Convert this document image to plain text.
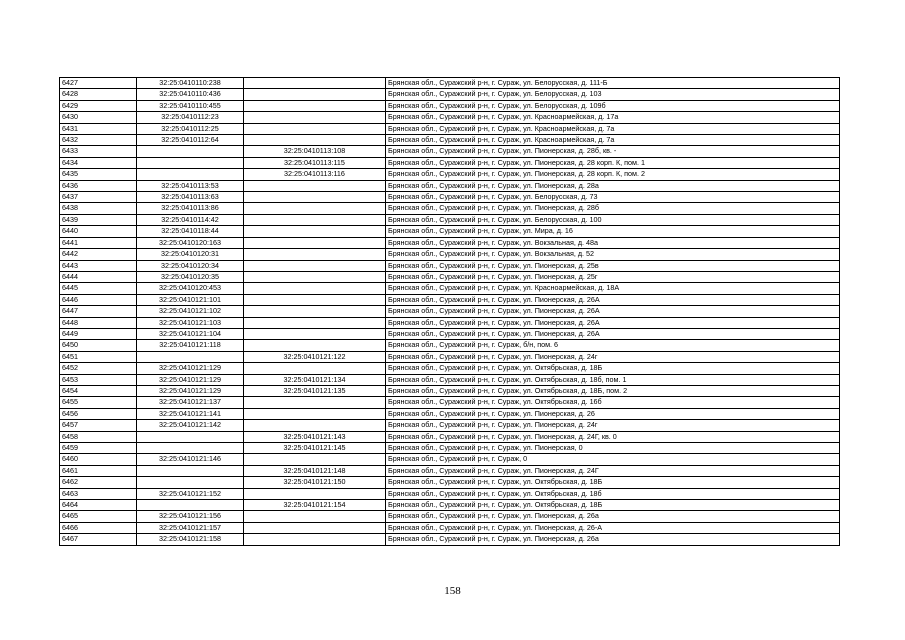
6427	32:25:0410110:238		Брянская обл., Суражский р-н, г. Сураж, ул. Белорусская, д. 111-Б
6428	32:25:0410110:436		Брянская обл., Суражский р-н, г. Сураж, ул. Белорусская, д. 103
6429	32:25:0410110:455		Брянская обл., Суражский р-н, г. Сураж, ул. Белорусская, д. 109б
6430	32:25:0410112:23		Брянская обл., Суражский р-н, г. Сураж, ул. Красноармейская, д. 17а
6431	32:25:0410112:25		Брянская обл., Суражский р-н, г. Сураж, ул. Красноармейская, д. 7а
6432	32:25:0410112:64		Брянская обл., Суражский р-н, г. Сураж, ул. Красноармейская, д. 7а
6433		32:25:0410113:108	Брянская обл., Суражский р-н, г. Сураж, ул. Пионерская, д. 28б, кв. -
6434		32:25:0410113:115	Брянская обл., Суражский р-н, г. Сураж, ул. Пионерская, д. 28 корп. К, пом. 1
6435		32:25:0410113:116	Брянская обл., Суражский р-н, г. Сураж, ул. Пионерская, д. 28 корп. К, пом. 2
6436	32:25:0410113:53		Брянская обл., Суражский р-н, г. Сураж, ул. Пионерская, д. 28а
6437	32:25:0410113:63		Брянская обл., Суражский р-н, г. Сураж, ул. Белорусская, д. 73
6438	32:25:0410113:86		Брянская обл., Суражский р-н, г. Сураж, ул. Пионерская, д. 28б
6439	32:25:0410114:42		Брянская обл., Суражский р-н, г. Сураж, ул. Белорусская, д. 100
6440	32:25:0410118:44		Брянская обл., Суражский р-н, г. Сураж, ул. Мира, д. 16
6441	32:25:0410120:163		Брянская обл., Суражский р-н, г. Сураж, ул. Вокзальная, д. 48а
6442	32:25:0410120:31		Брянская обл., Суражский р-н, г. Сураж, ул. Вокзальная, д. 52
6443	32:25:0410120:34		Брянская обл., Суражский р-н, г. Сураж, ул. Пионерская, д. 25в
6444	32:25:0410120:35		Брянская обл., Суражский р-н, г. Сураж, ул. Пионерская, д. 25г
6445	32:25:0410120:453		Брянская обл., Суражский р-н, г. Сураж, ул. Красноармейская, д. 18А
6446	32:25:0410121:101		Брянская обл., Суражский р-н, г. Сураж, ул. Пионерская, д. 26А
6447	32:25:0410121:102		Брянская обл., Суражский р-н, г. Сураж, ул. Пионерская, д. 26А
6448	32:25:0410121:103		Брянская обл., Суражский р-н, г. Сураж, ул. Пионерская, д. 26А
6449	32:25:0410121:104		Брянская обл., Суражский р-н, г. Сураж, ул. Пионерская, д. 26А
6450	32:25:0410121:118		Брянская обл., Суражский р-н, г. Сураж, б/н, пом. 6
6451		32:25:0410121:122	Брянская обл., Суражский р-н, г. Сураж, ул. Пионерская, д. 24г
6452	32:25:0410121:129		Брянская обл., Суражский р-н, г. Сураж, ул. Октябрьская, д. 18Б
6453	32:25:0410121:129	32:25:0410121:134	Брянская обл., Суражский р-н, г. Сураж, ул. Октябрьская, д. 18б, пом. 1
6454	32:25:0410121:129	32:25:0410121:135	Брянская обл., Суражский р-н, г. Сураж, ул. Октябрьская, д. 18Б, пом. 2
6455	32:25:0410121:137		Брянская обл., Суражский р-н, г. Сураж, ул. Октябрьская, д. 16б
6456	32:25:0410121:141		Брянская обл., Суражский р-н, г. Сураж, ул. Пионерская, д. 26
6457	32:25:0410121:142		Брянская обл., Суражский р-н, г. Сураж, ул. Пионерская, д. 24г
6458		32:25:0410121:143	Брянская обл., Суражский р-н, г. Сураж, ул. Пионерская, д. 24Г, кв. 0
6459		32:25:0410121:145	Брянская обл., Суражский р-н, г. Сураж, ул. Пионерская, 0
6460	32:25:0410121:146		Брянская обл., Суражский р-н, г. Сураж, 0
6461		32:25:0410121:148	Брянская обл., Суражский р-н, г. Сураж, ул. Пионерская, д. 24Г
6462		32:25:0410121:150	Брянская обл., Суражский р-н, г. Сураж, ул. Октябрьская, д. 18Б
6463	32:25:0410121:152		Брянская обл., Суражский р-н, г. Сураж, ул. Октябрьская, д. 18б
6464		32:25:0410121:154	Брянская обл., Суражский р-н, г. Сураж, ул. Октябрьская, д. 18Б
6465	32:25:0410121:156		Брянская обл., Суражский р-н, г. Сураж, ул. Пионерская, д. 26а
6466	32:25:0410121:157		Брянская обл., Суражский р-н, г. Сураж, ул. Пионерская, д. 26-А
6467	32:25:0410121:158		Брянская обл., Суражский р-н, г. Сураж, ул. Пионерская, д. 26а
158
